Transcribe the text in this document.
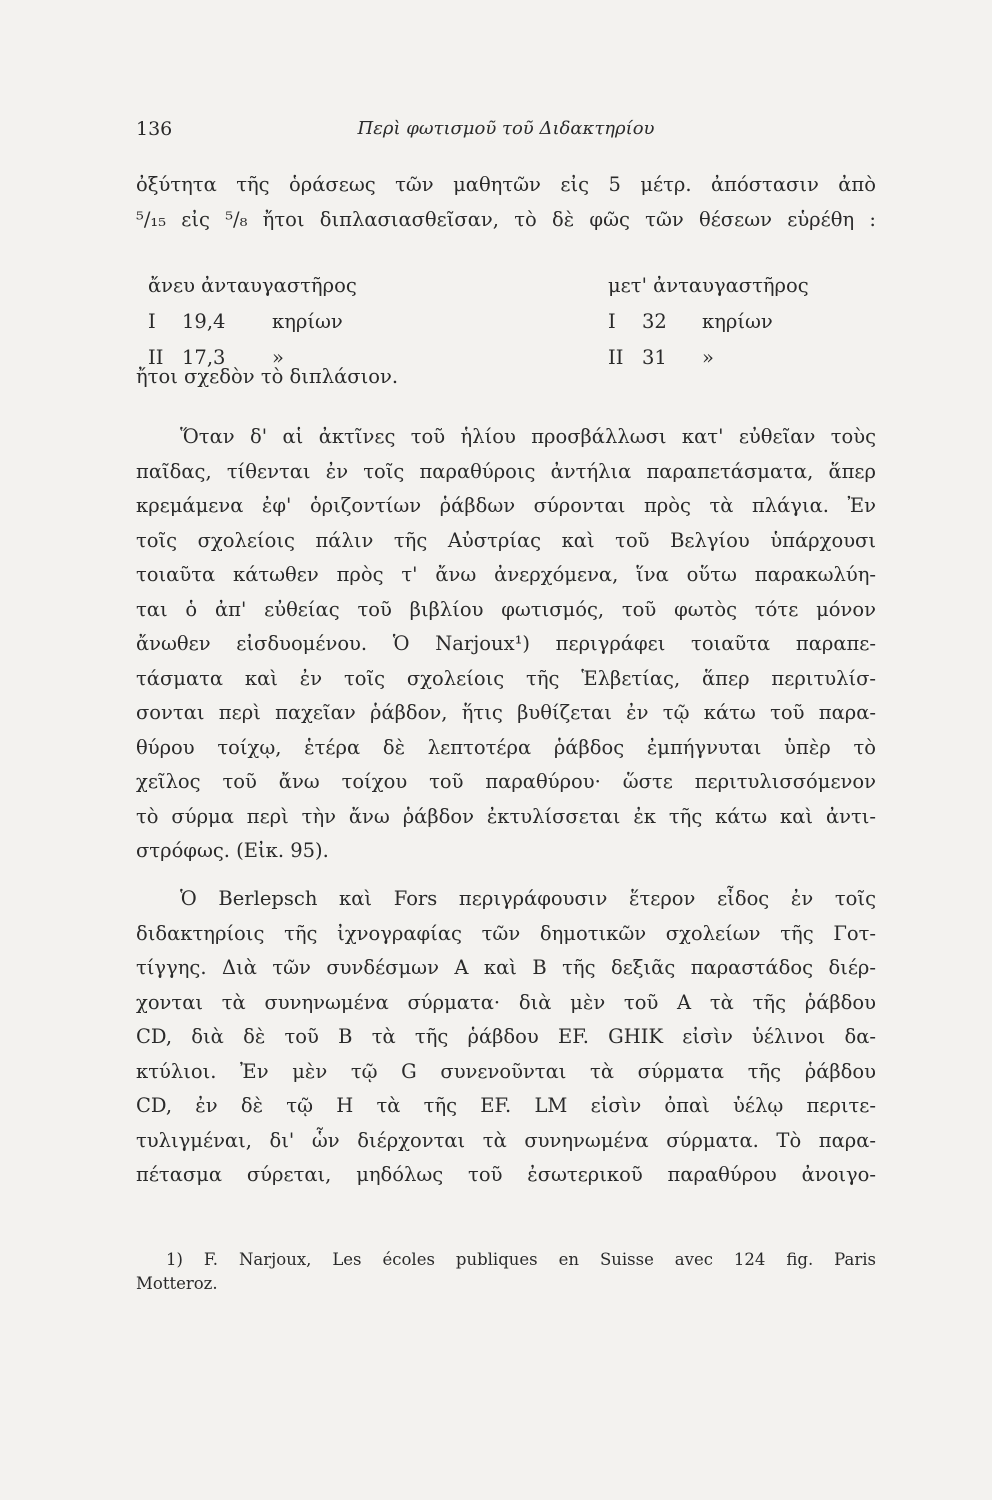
136	Περὶ φωτισμοῦ τοῦ Διδακτηρίου
ὀξύτητα τῆς ὁράσεως τῶν μαθητῶν εἰς 5 μέτρ. ἀπόστασιν ἀπὸ
⁵/₁₅ εἰς ⁵/₈ ἤτοι διπλασιασθεῖσαν, τὸ δὲ φῶς τῶν θέσεων εὑρέθη :
ἄνευ ἀνταυγαστῆρος
I 19,4 κηρίων
II 17,3 »
μετ' ἀνταυγαστῆρος
I 32 κηρίων
II 31 »
ἤτοι σχεδὸν τὸ διπλάσιον.
Ὅταν δ' αἱ ἀκτῖνες τοῦ ἡλίου προσβάλλωσι κατ' εὐθεῖαν τοὺς
παῖδας, τίθενται ἐν τοῖς παραθύροις ἀντήλια παραπετάσματα, ἅπερ
κρεμάμενα ἐφ' ὁριζοντίων ῥάβδων σύρονται πρὸς τὰ πλάγια. Ἐν
τοῖς σχολείοις πάλιν τῆς Αὐστρίας καὶ τοῦ Βελγίου ὑπάρχουσι
τοιαῦτα κάτωθεν πρὸς τ' ἄνω ἀνερχόμενα, ἵνα οὕτω παρακωλύη-
ται ὁ ἀπ' εὐθείας τοῦ βιβλίου φωτισμός, τοῦ φωτὸς τότε μόνον
ἄνωθεν εἰσδυομένου. Ὁ Narjoux¹) περιγράφει τοιαῦτα παραπε-
τάσματα καὶ ἐν τοῖς σχολείοις τῆς Ἑλβετίας, ἅπερ περιτυλίσ-
σονται περὶ παχεῖαν ῥάβδον, ἥτις βυθίζεται ἐν τῷ κάτω τοῦ παρα-
θύρου τοίχῳ, ἑτέρα δὲ λεπτοτέρα ῥάβδος ἐμπήγνυται ὑπὲρ τὸ
χεῖλος τοῦ ἄνω τοίχου τοῦ παραθύρου· ὥστε περιτυλισσόμενον
τὸ σύρμα περὶ τὴν ἄνω ῥάβδον ἐκτυλίσσεται ἐκ τῆς κάτω καὶ ἀντι-
στρόφως. (Εἰκ. 95).
Ὁ Berlepsch καὶ Fors περιγράφουσιν ἕτερον εἶδος ἐν τοῖς
διδακτηρίοις τῆς ἰχνογραφίας τῶν δημοτικῶν σχολείων τῆς Γοτ-
τίγγης. Διὰ τῶν συνδέσμων A καὶ B τῆς δεξιᾶς παραστάδος διέρ-
χονται τὰ συνηνωμένα σύρματα· διὰ μὲν τοῦ A τὰ τῆς ῥάβδου
CD, διὰ δὲ τοῦ B τὰ τῆς ῥάβδου EF. GHIK εἰσὶν ὑέλινοι δα-
κτύλιοι. Ἐν μὲν τῷ G συνενοῦνται τὰ σύρματα τῆς ῥάβδου
CD, ἐν δὲ τῷ H τὰ τῆς EF. LM εἰσὶν ὀπαὶ ὑέλῳ περιτε-
τυλιγμέναι, δι' ὧν διέρχονται τὰ συνηνωμένα σύρματα. Τὸ παρα-
πέτασμα σύρεται, μηδόλως τοῦ ἐσωτερικοῦ παραθύρου ἀνοιγο-
1) F. Narjoux, Les écoles publiques en Suisse avec 124 fig. Paris
Motteroz.
